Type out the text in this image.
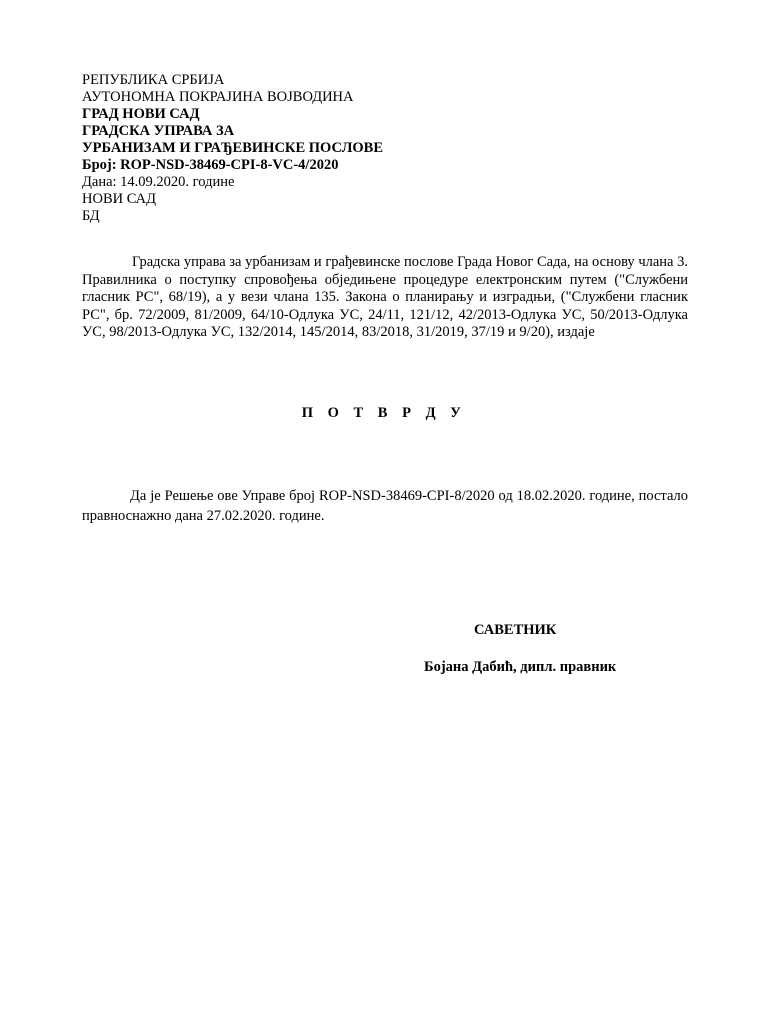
РЕПУБЛИКА СРБИЈА
АУТОНОМНА ПОКРАЈИНА ВОЈВОДИНА
ГРАД НОВИ САД
ГРАДСКА УПРАВА ЗА
УРБАНИЗАМ И ГРАЂЕВИНСКЕ ПОСЛОВЕ
Број: ROP-NSD-38469-CPI-8-VC-4/2020
Дана: 14.09.2020. године
НОВИ САД
БД
Градска управа за урбанизам и грађевинске послове Града Новог Сада, на основу члана 3. Правилника о поступку спровођења обједињене процедуре електронским путем ("Службени гласник РС", 68/19), а у вези члана 135. Закона о планирању и изградњи, ("Службени гласник РС", бр. 72/2009, 81/2009, 64/10-Одлука УС, 24/11, 121/12, 42/2013-Одлука УС, 50/2013-Одлука УС, 98/2013-Одлука УС, 132/2014, 145/2014, 83/2018, 31/2019, 37/19 и 9/20), издаје
П О Т В Р Д У
Да је Решење ове Управе број ROP-NSD-38469-CPI-8/2020 од 18.02.2020. године, постало правноснажно дана 27.02.2020. године.
САВЕТНИК
Бојана Дабић, дипл. правник
